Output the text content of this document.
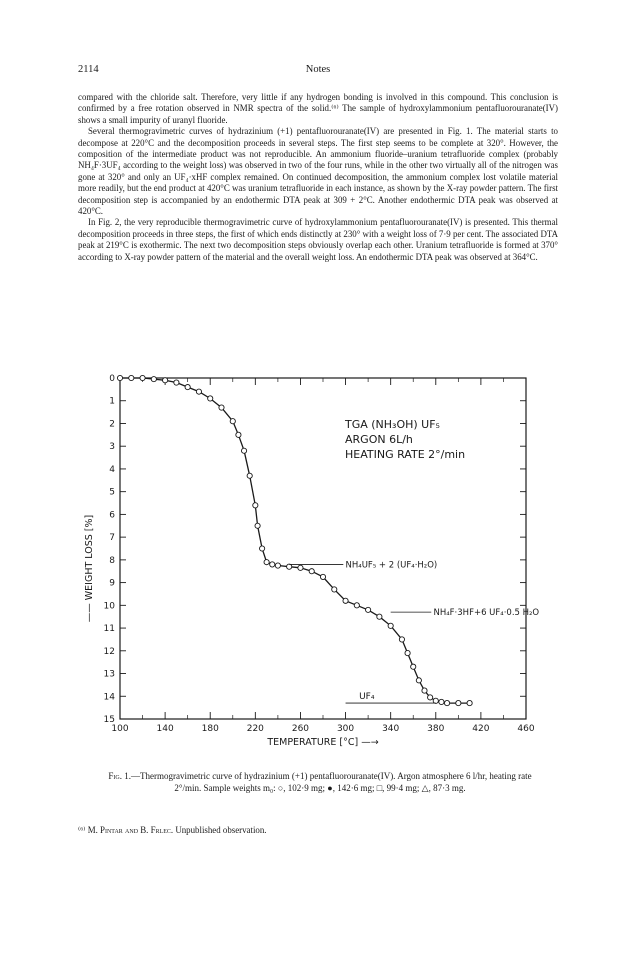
2114	Notes

compared with the chloride salt. Therefore, very little if any hydrogen bonding is involved in this compound. This conclusion is confirmed by a free rotation observed in NMR spectra of the solid.⁽⁶⁾ The sample of hydroxylammonium pentafluorouranate(IV) shows a small impurity of uranyl fluoride.

Several thermogravimetric curves of hydrazinium (+1) pentafluorouranate(IV) are presented in Fig. 1. The material starts to decompose at 220°C and the decomposition proceeds in several steps. The first step seems to be complete at 320°. However, the composition of the intermediate product was not reproducible. An ammonium fluoride–uranium tetrafluoride complex (probably NH₄F·3UF₄ according to the weight loss) was observed in two of the four runs, while in the other two virtually all of the nitrogen was gone at 320° and only an UF₄·xHF complex remained. On continued decomposition, the ammonium complex lost volatile material more readily, but the end product at 420°C was uranium tetrafluoride in each instance, as shown by the X-ray powder pattern. The first decomposition step is accompanied by an endothermic DTA peak at 309 + 2°C. Another endothermic DTA peak was observed at 420°C.

In Fig. 2, the very reproducible thermogravimetric curve of hydroxylammonium pentafluorouranate(IV) is presented. This thermal decomposition proceeds in three steps, the first of which ends distinctly at 230° with a weight loss of 7·9 per cent. The associated DTA peak at 219°C is exothermic. The next two decomposition steps obviously overlap each other. Uranium tetrafluoride is formed at 370° according to X-ray powder pattern of the material and the overall weight loss. An endothermic DTA peak was observed at 364°C.

100	140	180	220	260	300	340	380	420	460
0
1
2
3
4
5
6
7
8
9
10
11
12
13
14
15
TEMPERATURE [°C] —→
—— WEIGHT LOSS [%]
TGA (NH₃OH) UF₅
ARGON 6L/h
HEATING RATE 2°/min
NH₄UF₅ + 2 (UF₄·H₂O)
NH₄F·3HF+6 UF₄·0.5 H₂O
UF₄
Fig. 1.—Thermogravimetric curve of hydrazinium (+1) pentafluorouranate(IV). Argon atmosphere 6 l/hr, heating rate 2°/min. Sample weights m₀: ○, 102·9 mg; ●, 142·6 mg; □, 99·4 mg; △, 87·3 mg.
⁽⁶⁾ M. Pintar and B. Frlec. Unpublished observation.
